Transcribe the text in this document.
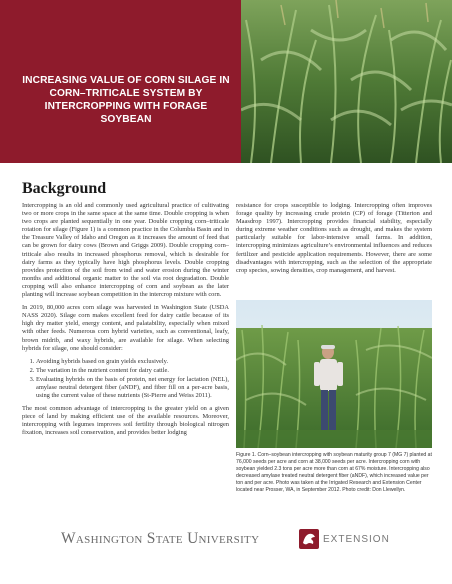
INCREASING VALUE OF CORN SILAGE IN CORN–TRITICALE SYSTEM BY INTERCROPPING WITH FORAGE SOYBEAN
Background

Intercropping is an old and commonly used agricultural practice of cultivating two or more crops in the same space at the same time. Double cropping is when two crops are planted sequentially in one year. Double cropping corn–triticale rotation for silage (Figure 1) is a common practice in the Columbia Basin and in the Treasure Valley of Idaho and Oregon as it increases the amount of feed that can be grown for dairy cows (Brown and Griggs 2009). Double cropping corn–triticale also results in increased phosphorus removal, which is desirable for dairy farms as they typically have high phosphorus levels. Double cropping provides protection of the soil from wind and water erosion during the winter months and additional organic matter to the soil via root degradation. Double cropping will also enhance intercropping of corn and soybean as the later planting will increase soybean competition in the intercrop mixture with corn.

In 2019, 80,000 acres corn silage was harvested in Washington State (USDA NASS 2020). Silage corn makes excellent feed for dairy cattle because of its high dry matter yield, energy content, and palatability, especially when mixed with other feeds. Numerous corn hybrid varieties, such as conventional, leafy, brown midrib, and waxy hybrids, are available for silage. When selecting hybrids for silage, one should consider:

1. Avoiding hybrids based on grain yields exclusively.
2. The variation in the nutrient content for dairy cattle.
3. Evaluating hybrids on the basis of protein, net energy for lactation (NEL), amylase neutral detergent fiber (aNDF), and fiber fill on a per-acre basis, using the current value of these nutrients (St-Pierre and Weiss 2011).

The most common advantage of intercropping is the greater yield on a given piece of land by making efficient use of the available resources. Moreover, intercropping with legumes improves soil fertility through biological nitrogen fixation, increases soil conservation, and provides better lodging

resistance for crops susceptible to lodging. Intercropping often improves forage quality by increasing crude protein (CP) of forage (Titterton and Maasdrop 1997). Intercropping provides financial stability, especially during extreme weather conditions such as drought, and makes the system particularly suitable for labor-intensive small farms. In addition, intercropping minimizes agriculture’s environmental influences and reduces fertilizer and pesticide application requirements. However, there are some disadvantages with intercropping, such as the selection of the appropriate crop species, sowing densities, crop management, and harvest.

Figure 1. Corn–soybean intercropping with soybean maturity group 7 (MG 7) planted at 76,000 seeds per acre and corn at 38,000 seeds per acre. Intercropping corn with soybean yielded 2.3 tons per acre more than corn at 67% moisture. Intercropping also decreased amylase treated neutral detergent fiber (aNDF), which increased value per ton and per acre. Photo was taken at the Irrigated Research and Extension Center located near Prosser, WA, in September 2012. Photo credit: Don Llewellyn.
Washington State University	EXTENSION
